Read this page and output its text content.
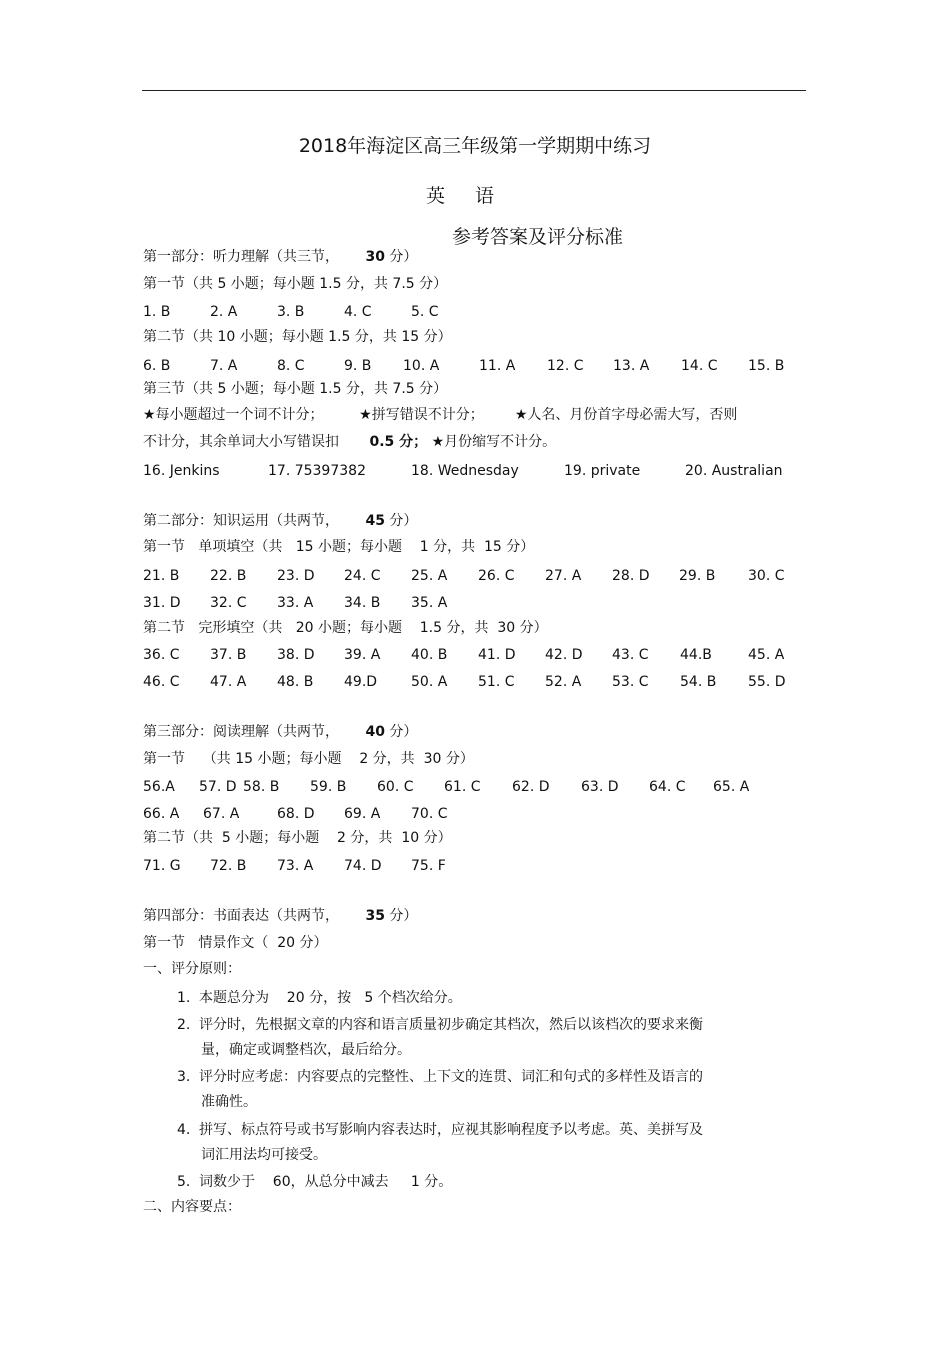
2018年海淀区高三年级第一学期期中练习
英语
参考答案及评分标准
第一部分：听力理解（共三节， 30 分）
第一节（共 5 小题；每小题 1.5 分，共 7.5 分）
1. B	2. A	3. B	4. C	5. C
第二节（共 10 小题；每小题 1.5 分，共 15 分）
6. B	7. A	8. C	9. B 10. A	11. A 12. C 13. A 14. C 15. B
第三节（共 5 小题；每小题 1.5 分，共 7.5 分）
★每小题超过一个词不计分；        ★拼写错误不计分；       ★人名、月份首字母必需大写，否则
不计分，其余单词大小写错误扣 0.5 分； ★月份缩写不计分。
16. Jenkins	17. 75397382	18. Wednesday	19. private	20. Australian
第二部分：知识运用（共两节， 45 分）
第一节   单项填空（共   15 小题；每小题    1 分，共  15 分）
21. B 22. B 23. D 24. C 25. A 26. C 27. A 28. D 29. B 30. C
31. D 32. C 33. A 34. B 35. A
第二节   完形填空（共   20 小题；每小题    1.5 分，共  30 分）
36. C 37. B 38. D 39. A 40. B 41. D 42. D 43. C 44.B	45. A
46. C 47. A 48. B 49.D 50. A 51. C 52. A 53. C 54. B 55. D
第三部分：阅读理解（共两节， 40 分）
第一节    （共 15 小题；每小题    2 分，共  30 分）
56.A 57. D 58. B 59. B 60. C 61. C 62. D 63. D 64. C 65. A
66. A 67. A	68. D 69. A 70. C
第二节（共  5 小题；每小题    2 分，共  10 分）
71. G 72. B 73. A 74. D 75. F
第四部分：书面表达（共两节， 35 分）
第一节   情景作文（  20 分）
一、评分原则：
1. 本题总分为    20 分，按   5 个档次给分。
2. 评分时，先根据文章的内容和语言质量初步确定其档次，然后以该档次的要求来衡
量，确定或调整档次，最后给分。
3. 评分时应考虑：内容要点的完整性、上下文的连贯、词汇和句式的多样性及语言的
准确性。
4. 拼写、标点符号或书写影响内容表达时，应视其影响程度予以考虑。英、美拼写及
词汇用法均可接受。
5. 词数少于    60，从总分中减去     1 分。
二、内容要点：
